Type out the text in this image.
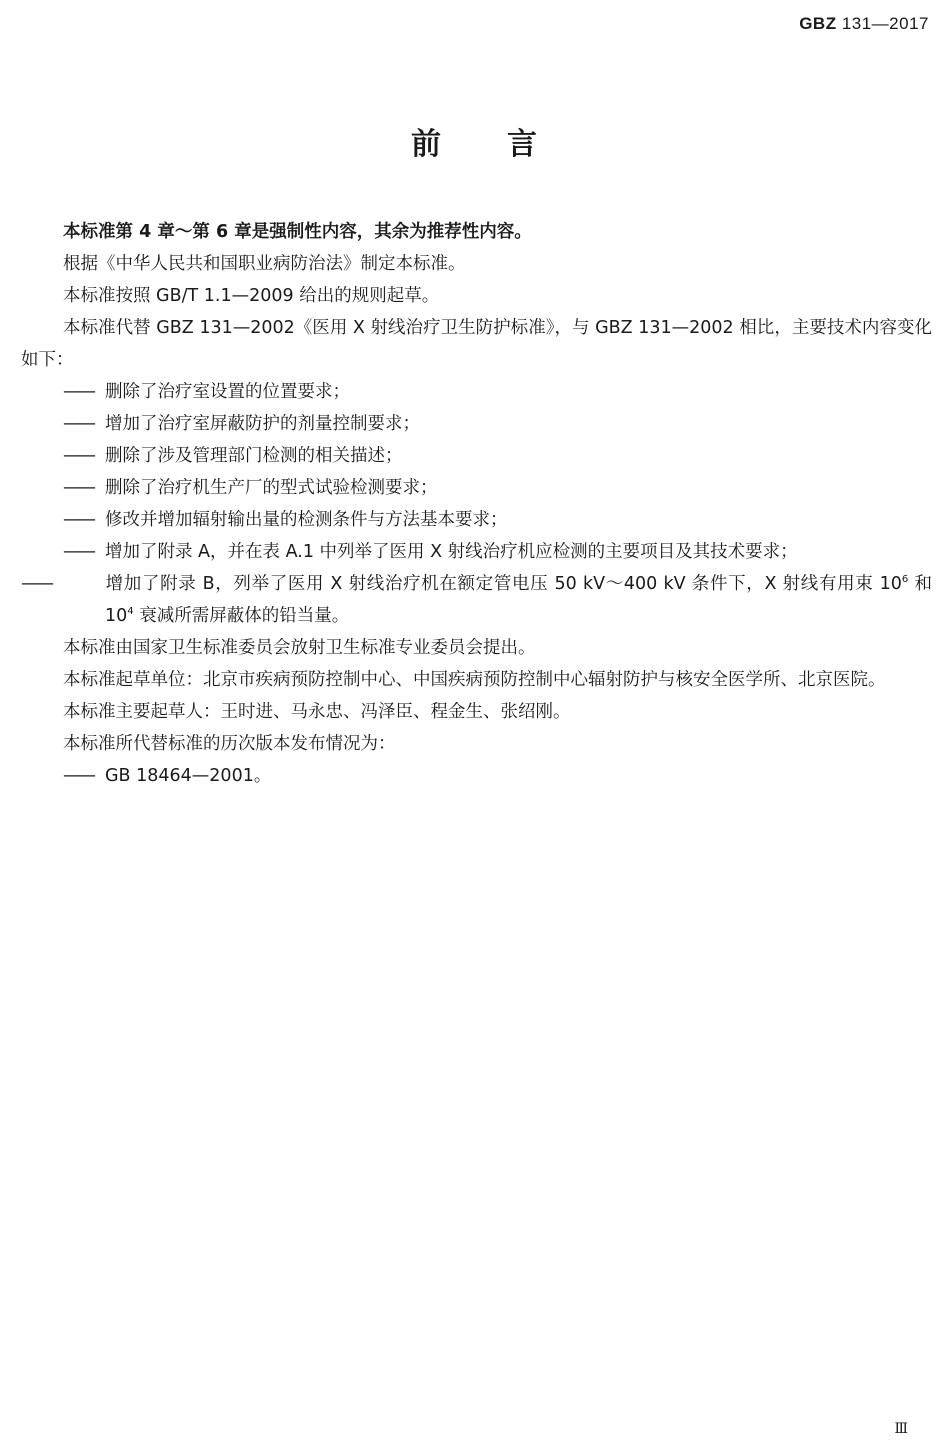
GBZ 131—2017
前　　言

本标准第 4 章～第 6 章是强制性内容，其余为推荐性内容。

根据《中华人民共和国职业病防治法》制定本标准。

本标准按照 GB/T 1.1—2009 给出的规则起草。

本标准代替 GBZ 131—2002《医用 X 射线治疗卫生防护标准》，与 GBZ 131—2002 相比，主要技术内容变化如下：

—— 删除了治疗室设置的位置要求；

—— 增加了治疗室屏蔽防护的剂量控制要求；

—— 删除了涉及管理部门检测的相关描述；

—— 删除了治疗机生产厂的型式试验检测要求；

—— 修改并增加辐射输出量的检测条件与方法基本要求；

—— 增加了附录 A，并在表 A.1 中列举了医用 X 射线治疗机应检测的主要项目及其技术要求；

——	增加了附录 B，列举了医用 X 射线治疗机在额定管电压 50 kV～400 kV 条件下，X 射线有用束 $10^6$ 和 $10^4$ 衰减所需屏蔽体的铅当量。

本标准由国家卫生标准委员会放射卫生标准专业委员会提出。

本标准起草单位：北京市疾病预防控制中心、中国疾病预防控制中心辐射防护与核安全医学所、北京医院。

本标准主要起草人：王时进、马永忠、冯泽臣、程金生、张绍刚。

本标准所代替标准的历次版本发布情况为：

—— GB 18464—2001。

Ⅲ
